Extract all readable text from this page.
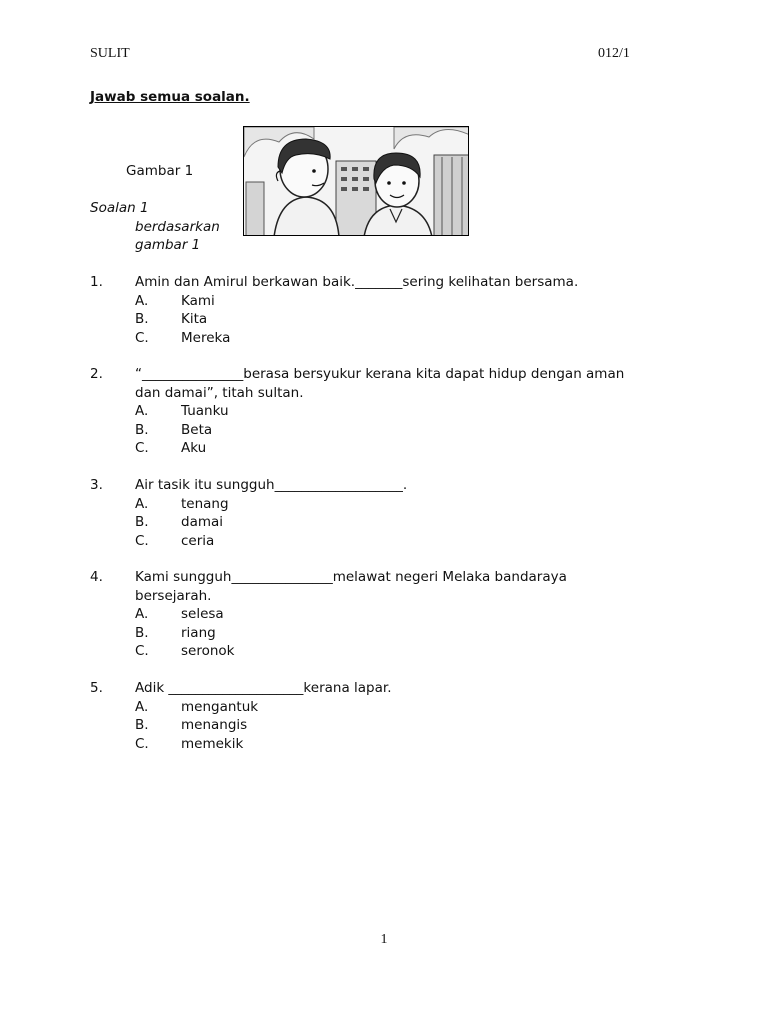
SULIT	012/1
Jawab semua soalan.
Gambar 1
Soalan 1
berdasarkan
gambar 1
1. Amin dan Amirul berkawan baik._______sering kelihatan bersama.
A. Kami
B. Kita
C. Mereka
2. “_______________berasa bersyukur kerana kita dapat hidup dengan aman
dan damai”, titah sultan.
A. Tuanku
B. Beta
C. Aku
3. Air tasik itu sungguh___________________.
A. tenang
B. damai
C. ceria
4. Kami sungguh_______________melawat negeri Melaka bandaraya
bersejarah.
A. selesa
B. riang
C. seronok
5. Adik ____________________kerana lapar.
A. mengantuk
B. menangis
C. memekik
1
